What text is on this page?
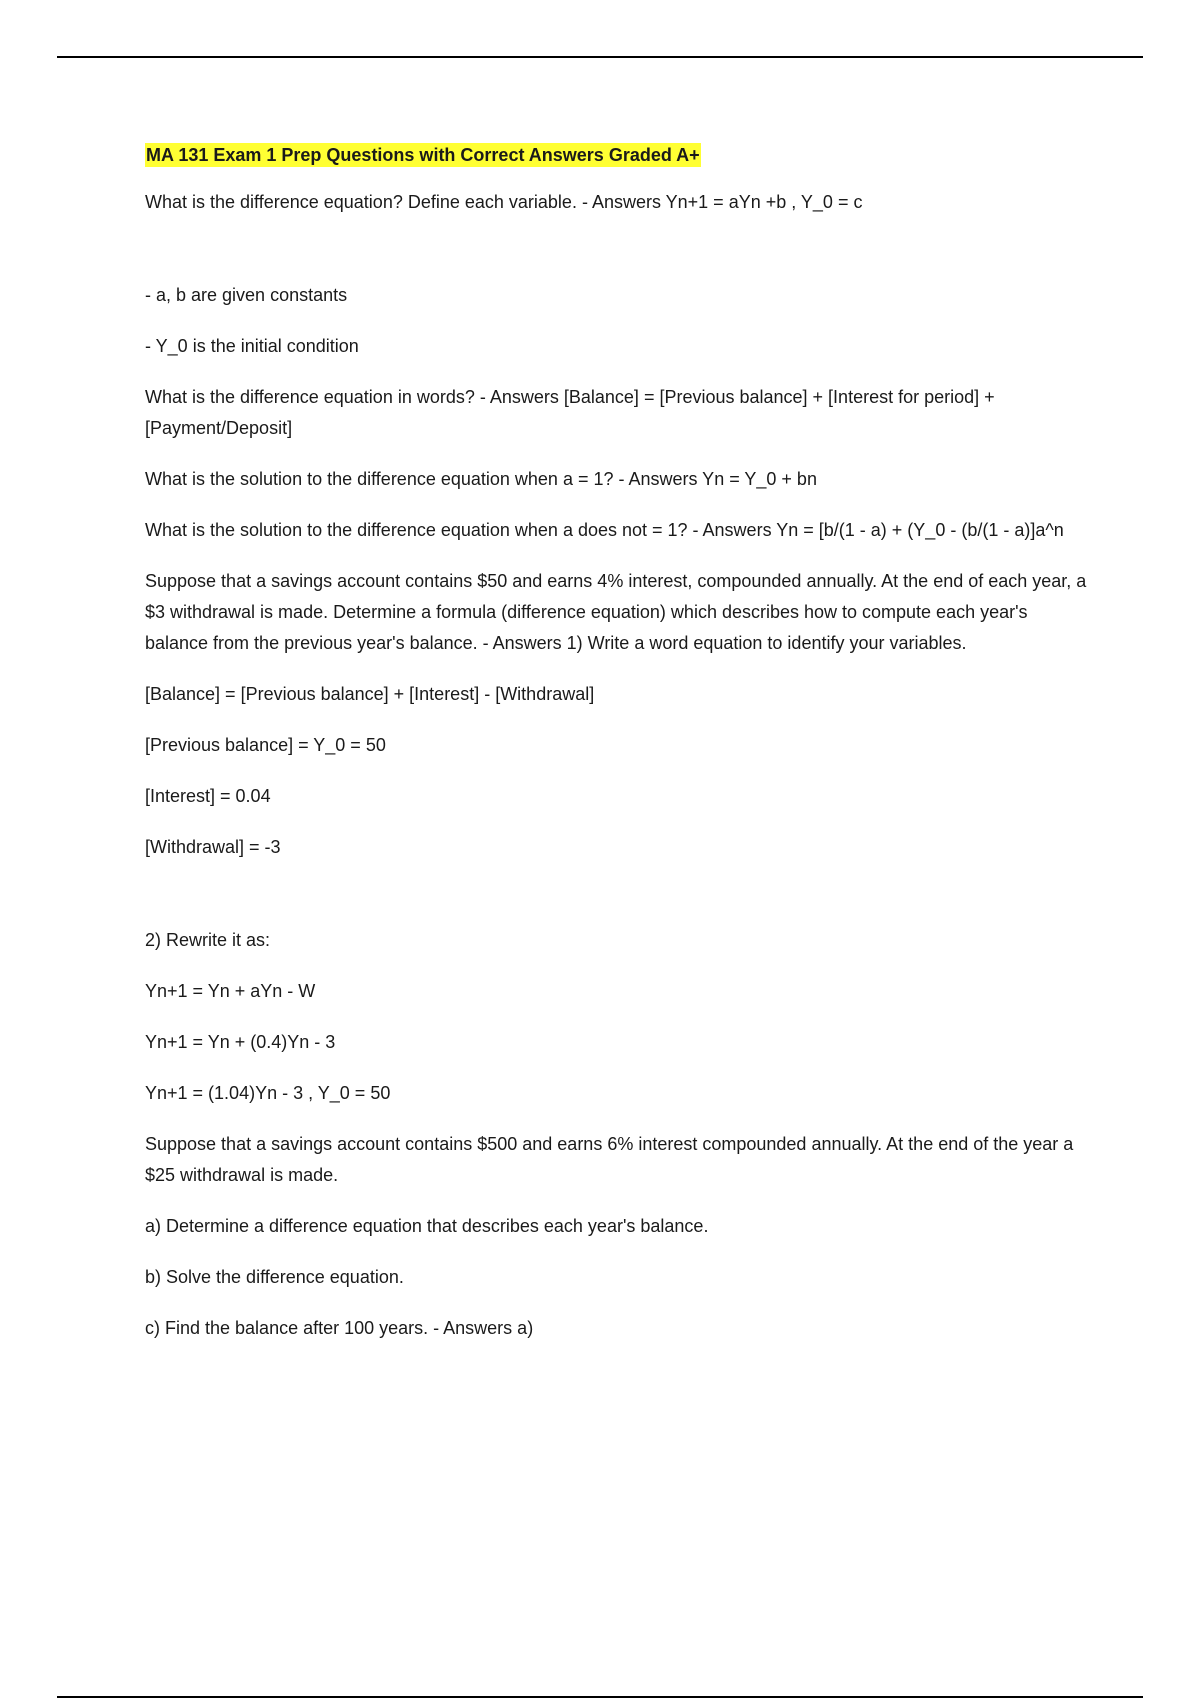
MA 131 Exam 1 Prep Questions with Correct Answers Graded A+

What is the difference equation? Define each variable. - Answers Yn+1 = aYn +b , Y_0 = c

- a, b are given constants

- Y_0 is the initial condition

What is the difference equation in words? - Answers [Balance] = [Previous balance] + [Interest for period] + [Payment/Deposit]

What is the solution to the difference equation when a = 1? - Answers Yn = Y_0 + bn

What is the solution to the difference equation when a does not = 1? - Answers Yn = [b/(1 - a) + (Y_0 - (b/(1 - a)]a^n

Suppose that a savings account contains $50 and earns 4% interest, compounded annually. At the end of each year, a $3 withdrawal is made. Determine a formula (difference equation) which describes how to compute each year's balance from the previous year's balance. - Answers 1) Write a word equation to identify your variables.

[Balance] = [Previous balance] + [Interest] - [Withdrawal]

[Previous balance] = Y_0 = 50

[Interest] = 0.04

[Withdrawal] = -3

2) Rewrite it as:

Yn+1 = Yn + aYn - W

Yn+1 = Yn + (0.4)Yn - 3

Yn+1 = (1.04)Yn - 3 , Y_0 = 50

Suppose that a savings account contains $500 and earns 6% interest compounded annually. At the end of the year a $25 withdrawal is made.

a) Determine a difference equation that describes each year's balance.

b) Solve the difference equation.

c) Find the balance after 100 years. - Answers a)
